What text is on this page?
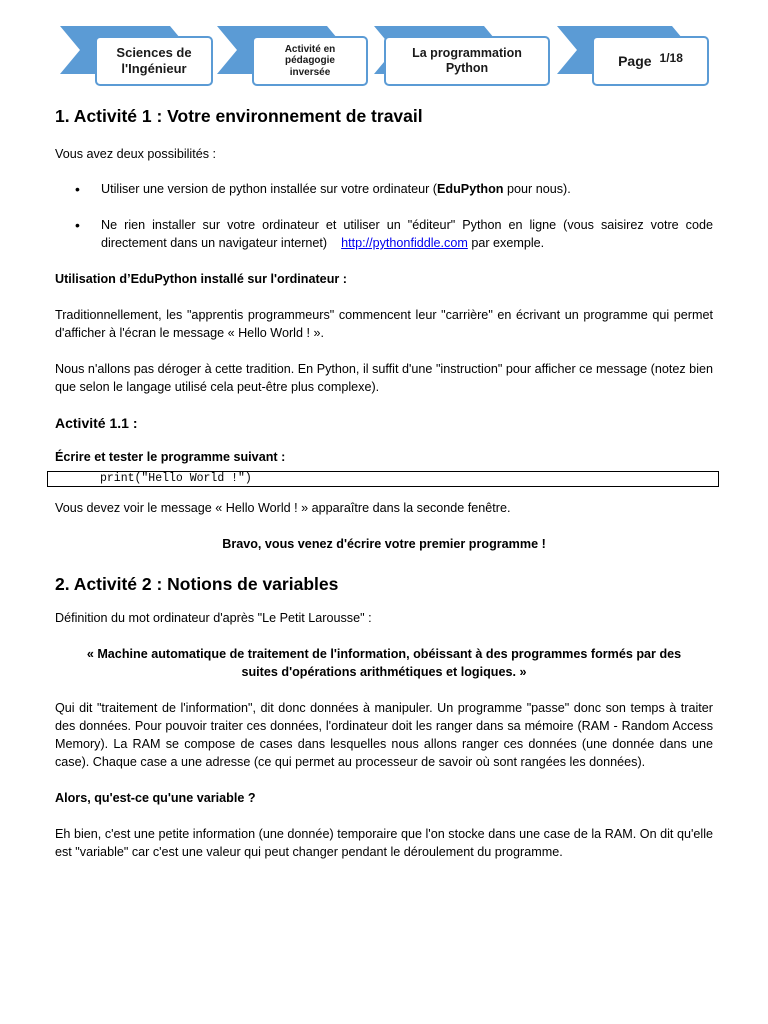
Sciences de
l'Ingénieur
Activité en
pédagogie
inversée
La programmation
Python	Page 1/18
1. Activité 1 : Votre environnement de travail

Vous avez deux possibilités :

• Utiliser une version de python installée sur votre ordinateur (EduPython pour nous).
• Ne rien installer sur votre ordinateur et utiliser un "éditeur" Python en ligne (vous saisirez votre code directement dans un navigateur internet) http://pythonfiddle.com par exemple.

Utilisation d’EduPython installé sur l'ordinateur :

Traditionnellement, les "apprentis programmeurs" commencent leur "carrière" en écrivant un programme qui permet d'afficher à l'écran le message « Hello World ! ».

Nous n'allons pas déroger à cette tradition. En Python, il suffit d'une "instruction" pour afficher ce message (notez bien que selon le langage utilisé cela peut-être plus complexe).

Activité 1.1 :

Écrire et tester le programme suivant :

print("Hello World !")

Vous devez voir le message « Hello World ! » apparaître dans la seconde fenêtre.

Bravo, vous venez d'écrire votre premier programme !

2. Activité 2 : Notions de variables

Définition du mot ordinateur d'après "Le Petit Larousse" :

« Machine automatique de traitement de l'information, obéissant à des programmes formés par des suites d'opérations arithmétiques et logiques. »

Qui dit "traitement de l'information", dit donc données à manipuler. Un programme "passe" donc son temps à traiter des données. Pour pouvoir traiter ces données, l'ordinateur doit les ranger dans sa mémoire (RAM - Random Access Memory). La RAM se compose de cases dans lesquelles nous allons ranger ces données (une donnée dans une case). Chaque case a une adresse (ce qui permet au processeur de savoir où sont rangées les données).

Alors, qu'est-ce qu'une variable ?

Eh bien, c'est une petite information (une donnée) temporaire que l'on stocke dans une case de la RAM. On dit qu'elle est "variable" car c'est une valeur qui peut changer pendant le déroulement du programme.
